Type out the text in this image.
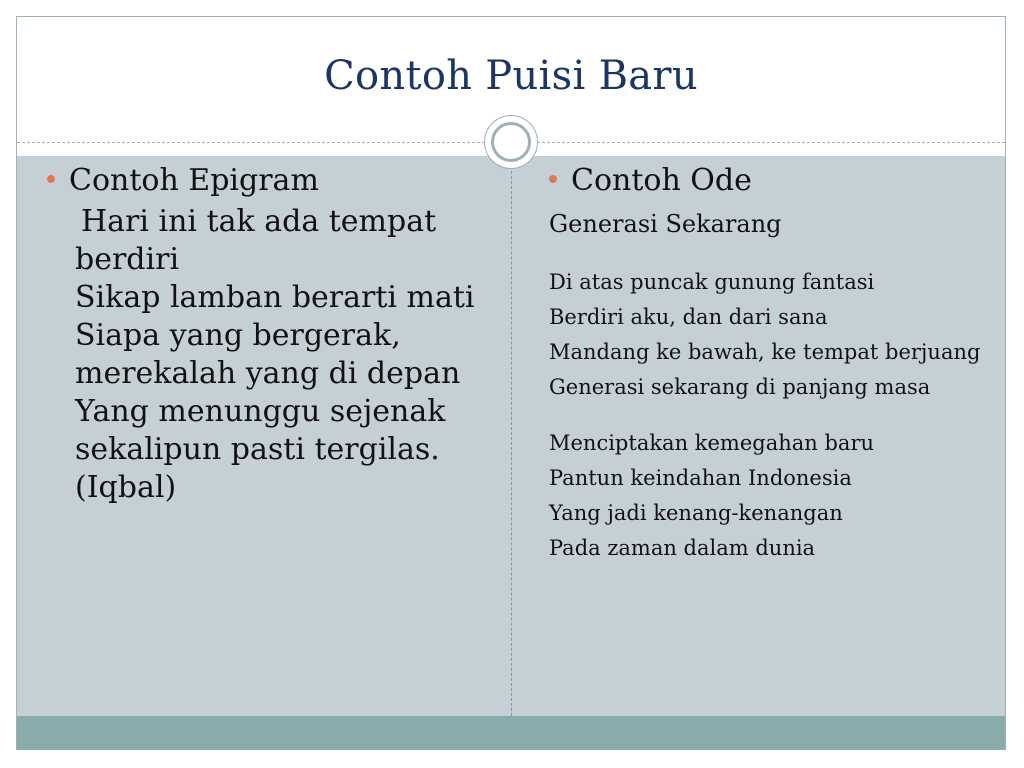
Contoh Puisi Baru
Contoh Epigram
Hari ini tak ada tempat berdiri
Sikap lamban berarti mati
Siapa yang bergerak, merekalah yang di depan
Yang menunggu sejenak sekalipun pasti tergilas.(Iqbal)
Contoh Ode
Generasi Sekarang
Di atas puncak gunung fantasi
Berdiri aku, dan dari sana
Mandang ke bawah, ke tempat berjuang
Generasi sekarang di panjang masa
Menciptakan kemegahan baru
Pantun keindahan Indonesia
Yang jadi kenang-kenangan
Pada zaman dalam dunia
